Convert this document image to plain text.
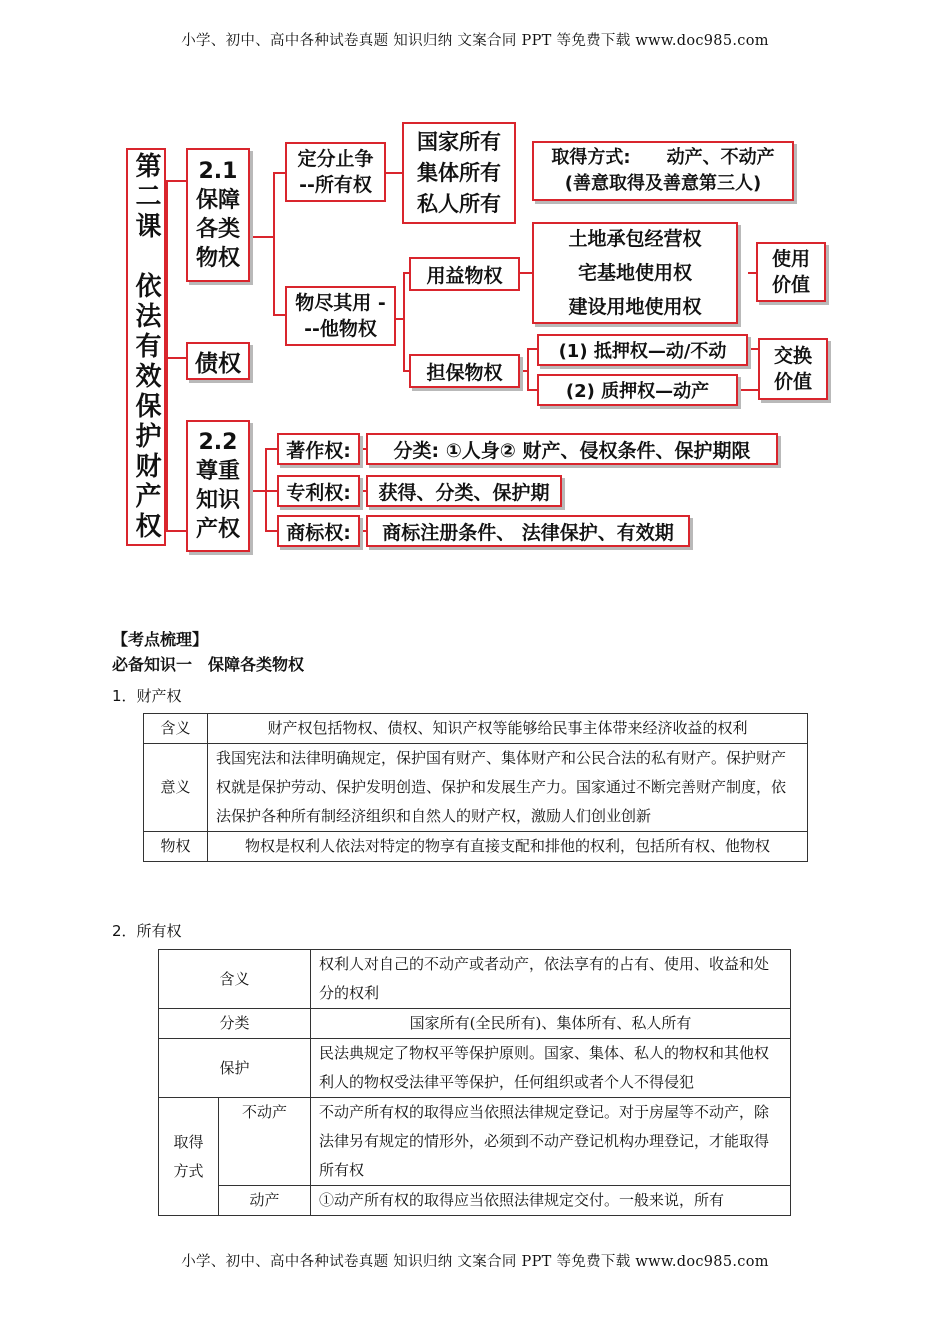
小学、初中、高中各种试卷真题 知识归纳 文案合同 PPT 等免费下载 www.doc985.com
第二课　依法有效保护财产权	2.1 保障各类物权
债权
2.2 尊重知识产权
定分止争 --所有权
国家所有
集体所有
私人所有
取得方式:　　动产、不动产
(善意取得及善意第三人)
物尽其用 ---他物权
用益物权
土地承包经营权
宅基地使用权
建设用地使用权
使用 价值
担保物权
(1) 抵押权—动/不动
(2) 质押权—动产
交换 价值
著作权:	分类: ①人身② 财产、侵权条件、保护期限
专利权:	获得、分类、保护期
商标权:	商标注册条件、 法律保护、有效期
【考点梳理】
必备知识一　保障各类物权
1．财产权
含义	财产权包括物权、债权、知识产权等能够给民事主体带来经济收益的权利
意义	我国宪法和法律明确规定，保护国有财产、集体财产和公民合法的私有财产。保护财产权就是保护劳动、保护发明创造、保护和发展生产力。国家通过不断完善财产制度，依法保护各种所有制经济组织和自然人的财产权，激励人们创业创新
物权	物权是权利人依法对特定的物享有直接支配和排他的权利，包括所有权、他物权
2．所有权
含义		权利人对自己的不动产或者动产，依法享有的占有、使用、收益和处分的权利
分类		国家所有(全民所有)、集体所有、私人所有
保护		民法典规定了物权平等保护原则。国家、集体、私人的物权和其他权利人的物权受法律平等保护，任何组织或者个人不得侵犯
取得方式	不动产	不动产所有权的取得应当依照法律规定登记。对于房屋等不动产，除法律另有规定的情形外，必须到不动产登记机构办理登记，才能取得所有权
	动产	①动产所有权的取得应当依照法律规定交付。一般来说，所有
小学、初中、高中各种试卷真题 知识归纳 文案合同 PPT 等免费下载 www.doc985.com
